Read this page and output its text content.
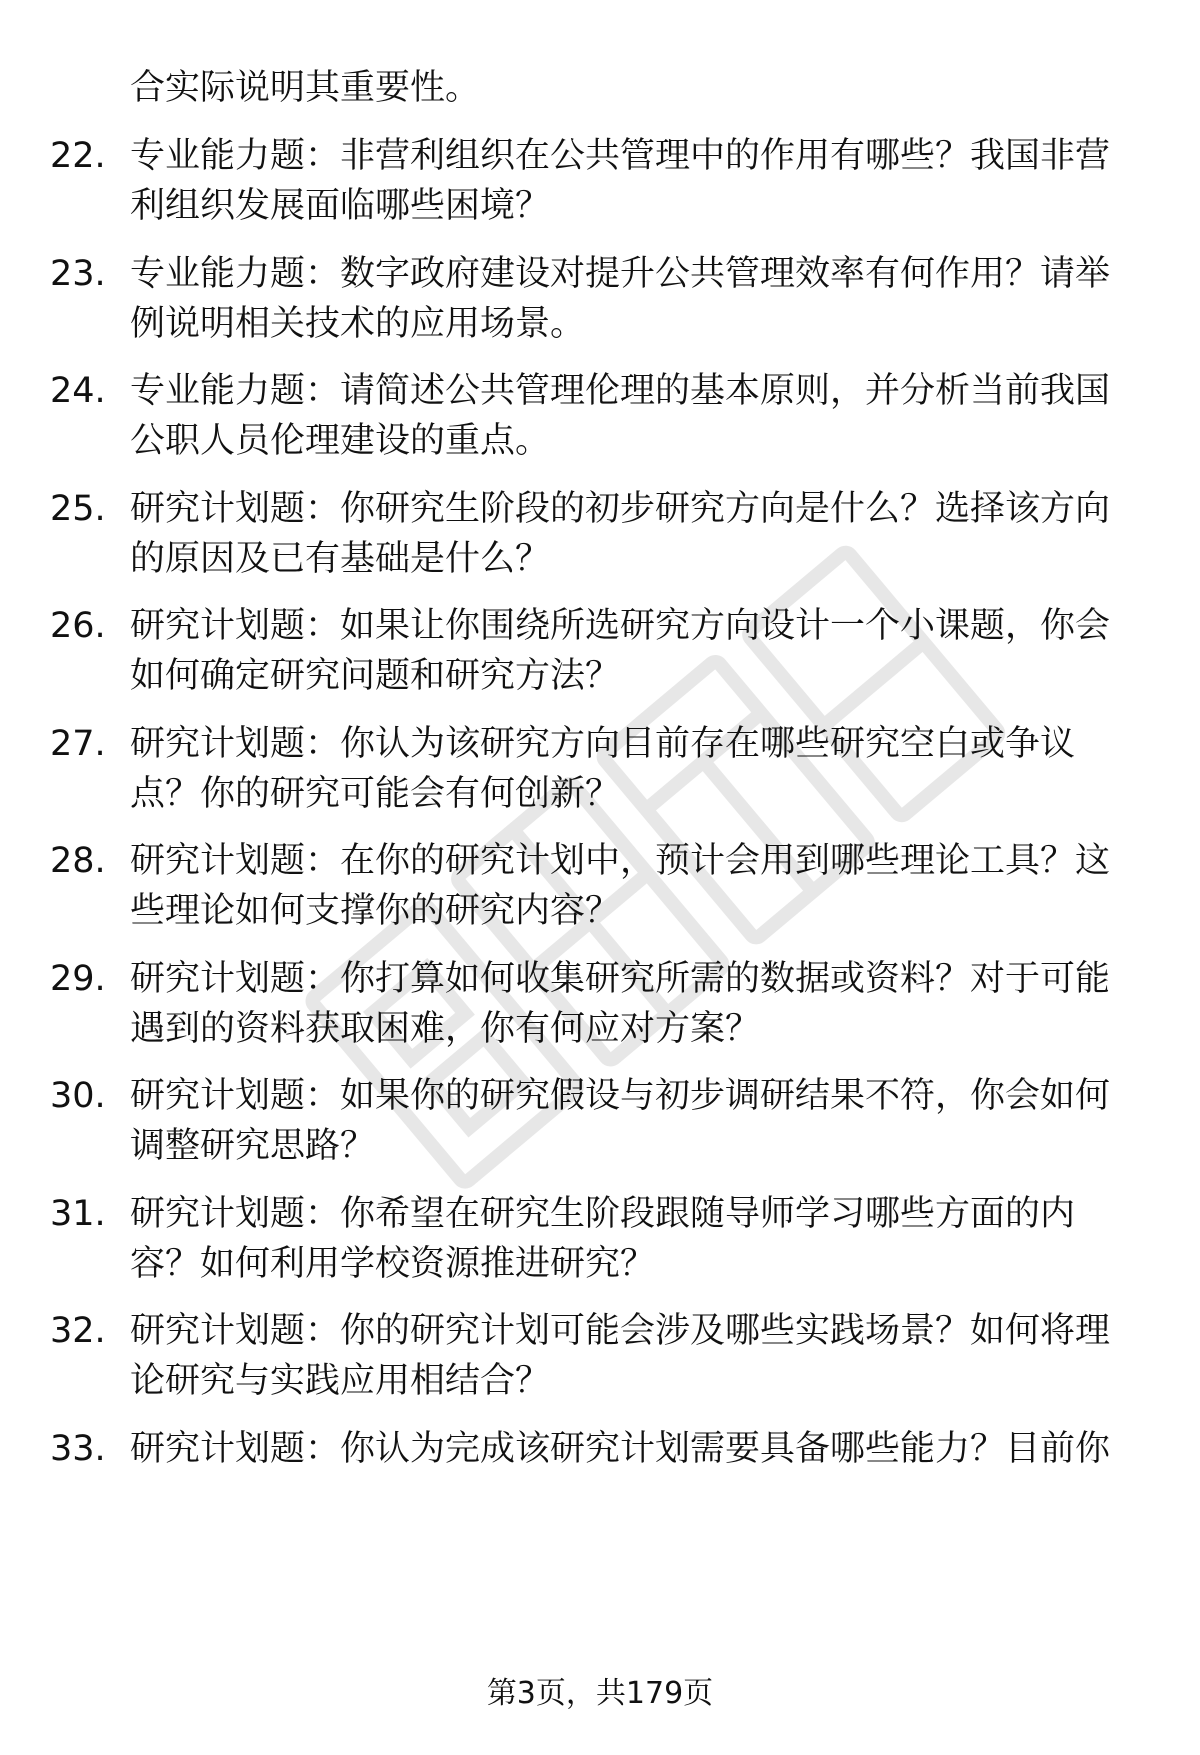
合实际说明其重要性。
22. 专业能力题：非营利组织在公共管理中的作用有哪些？我国非营
利组织发展面临哪些困境？
23. 专业能力题：数字政府建设对提升公共管理效率有何作用？请举
例说明相关技术的应用场景。
24. 专业能力题：请简述公共管理伦理的基本原则，并分析当前我国
公职人员伦理建设的重点。
25. 研究计划题：你研究生阶段的初步研究方向是什么？选择该方向
的原因及已有基础是什么？
26. 研究计划题：如果让你围绕所选研究方向设计一个小课题，你会
如何确定研究问题和研究方法？
27. 研究计划题：你认为该研究方向目前存在哪些研究空白或争议
点？你的研究可能会有何创新？
28. 研究计划题：在你的研究计划中，预计会用到哪些理论工具？这
些理论如何支撑你的研究内容？
29. 研究计划题：你打算如何收集研究所需的数据或资料？对于可能
遇到的资料获取困难，你有何应对方案？
30. 研究计划题：如果你的研究假设与初步调研结果不符，你会如何
调整研究思路？
31. 研究计划题：你希望在研究生阶段跟随导师学习哪些方面的内
容？如何利用学校资源推进研究？
32. 研究计划题：你的研究计划可能会涉及哪些实践场景？如何将理
论研究与实践应用相结合？
33. 研究计划题：你认为完成该研究计划需要具备哪些能力？目前你
第3页，共179页
